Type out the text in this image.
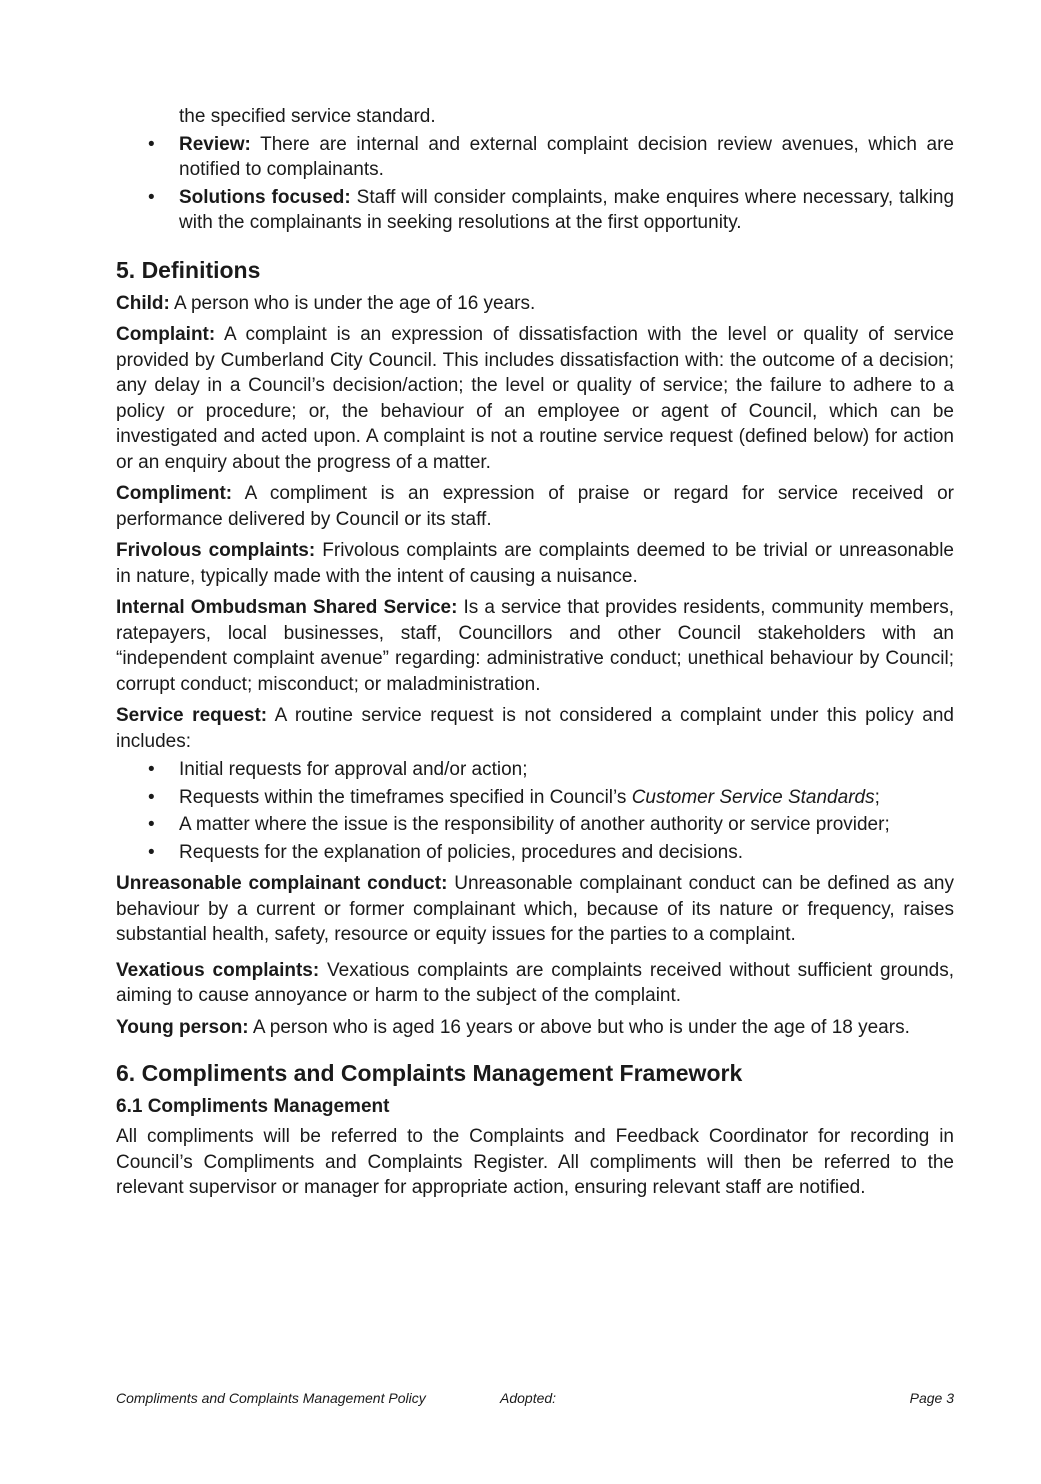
the specified service standard.
• Review: There are internal and external complaint decision review avenues, which are notified to complainants.
• Solutions focused: Staff will consider complaints, make enquires where necessary, talking with the complainants in seeking resolutions at the first opportunity.
5. Definitions

Child: A person who is under the age of 16 years.

Complaint: A complaint is an expression of dissatisfaction with the level or quality of service provided by Cumberland City Council. This includes dissatisfaction with: the outcome of a decision; any delay in a Council’s decision/action; the level or quality of service; the failure to adhere to a policy or procedure; or, the behaviour of an employee or agent of Council, which can be investigated and acted upon. A complaint is not a routine service request (defined below) for action or an enquiry about the progress of a matter.

Compliment: A compliment is an expression of praise or regard for service received or performance delivered by Council or its staff.

Frivolous complaints: Frivolous complaints are complaints deemed to be trivial or unreasonable in nature, typically made with the intent of causing a nuisance.

Internal Ombudsman Shared Service: Is a service that provides residents, community members, ratepayers, local businesses, staff, Councillors and other Council stakeholders with an “independent complaint avenue” regarding: administrative conduct; unethical behaviour by Council; corrupt conduct; misconduct; or maladministration.

Service request: A routine service request is not considered a complaint under this policy and includes:

• Initial requests for approval and/or action;
• Requests within the timeframes specified in Council’s Customer Service Standards;
• A matter where the issue is the responsibility of another authority or service provider;
• Requests for the explanation of policies, procedures and decisions.

Unreasonable complainant conduct: Unreasonable complainant conduct can be defined as any behaviour by a current or former complainant which, because of its nature or frequency, raises substantial health, safety, resource or equity issues for the parties to a complaint.

Vexatious complaints: Vexatious complaints are complaints received without sufficient grounds, aiming to cause annoyance or harm to the subject of the complaint.

Young person: A person who is aged 16 years or above but who is under the age of 18 years.

6. Compliments and Complaints Management Framework
6.1 Compliments Management

All compliments will be referred to the Complaints and Feedback Coordinator for recording in Council’s Compliments and Complaints Register. All compliments will then be referred to the relevant supervisor or manager for appropriate action, ensuring relevant staff are notified.

Compliments and Complaints Management Policy	Adopted:	Page 3
